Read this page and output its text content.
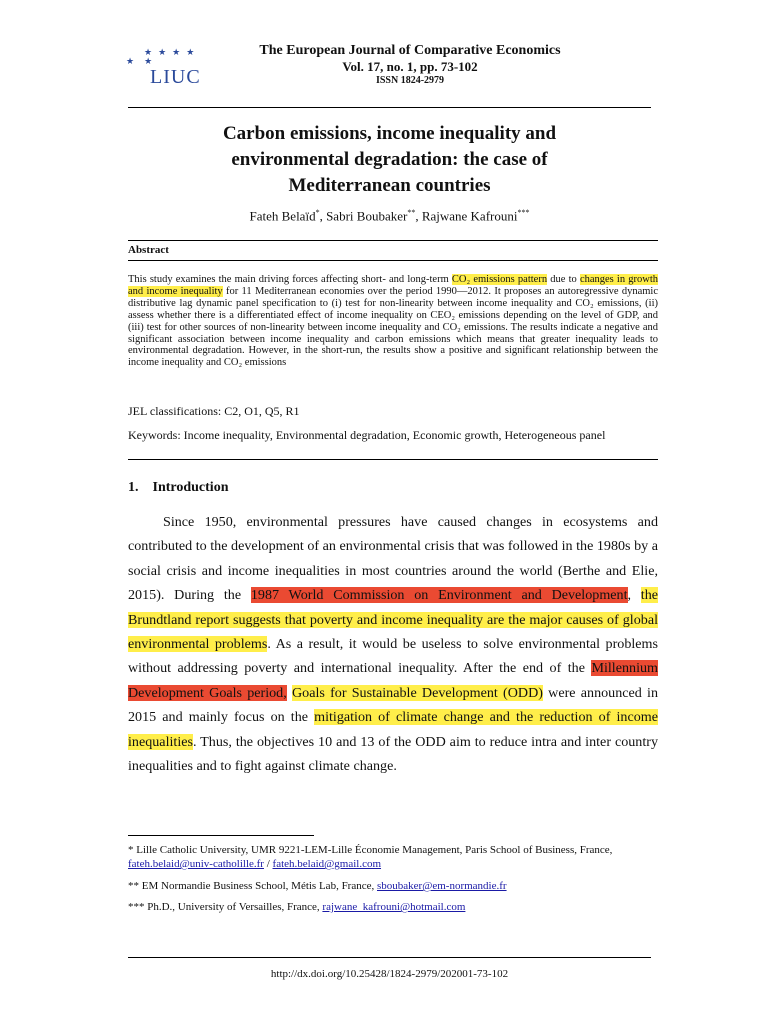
★★★★
★ ★
LIUC
The European Journal of Comparative Economics
Vol. 17, no. 1, pp. 73-102
ISSN 1824-2979
Carbon emissions, income inequality and
environmental degradation: the case of
Mediterranean countries
Fateh Belaïd*, Sabri Boubaker**, Rajwane Kafrouni***
Abstract
This study examines the main driving forces affecting short- and long-term CO₂ emissions pattern due to changes in growth and income inequality for 11 Mediterranean economies over the period 1990—2012. It proposes an autoregressive dynamic distributive lag dynamic panel specification to (i) test for non-linearity between income inequality and CO₂ emissions, (ii) assess whether there is a differentiated effect of income inequality on CEO₂ emissions depending on the level of GDP, and (iii) test for other sources of non-linearity between income inequality and CO₂ emissions. The results indicate a negative and significant association between income inequality and carbon emissions which means that greater inequality leads to environmental degradation. However, in the short-run, the results show a positive and significant relationship between the income inequality and CO₂ emissions
JEL classifications: C2, O1, Q5, R1
Keywords: Income inequality, Environmental degradation, Economic growth, Heterogeneous panel
1. Introduction
Since 1950, environmental pressures have caused changes in ecosystems and contributed to the development of an environmental crisis that was followed in the 1980s by a social crisis and income inequalities in most countries around the world (Berthe and Elie, 2015). During the 1987 World Commission on Environment and Development, the Brundtland report suggests that poverty and income inequality are the major causes of global environmental problems. As a result, it would be useless to solve environmental problems without addressing poverty and international inequality. After the end of the Millennium Development Goals period, Goals for Sustainable Development (ODD) were announced in 2015 and mainly focus on the mitigation of climate change and the reduction of income inequalities. Thus, the objectives 10 and 13 of the ODD aim to reduce intra and inter country inequalities and to fight against climate change.
* Lille Catholic University, UMR 9221-LEM-Lille Économie Management, Paris School of Business, France, fateh.belaid@univ-catholille.fr / fateh.belaid@gmail.com
** EM Normandie Business School, Métis Lab, France, sboubaker@em-normandie.fr
*** Ph.D., University of Versailles, France, rajwane_kafrouni@hotmail.com
http://dx.doi.org/10.25428/1824-2979/202001-73-102
